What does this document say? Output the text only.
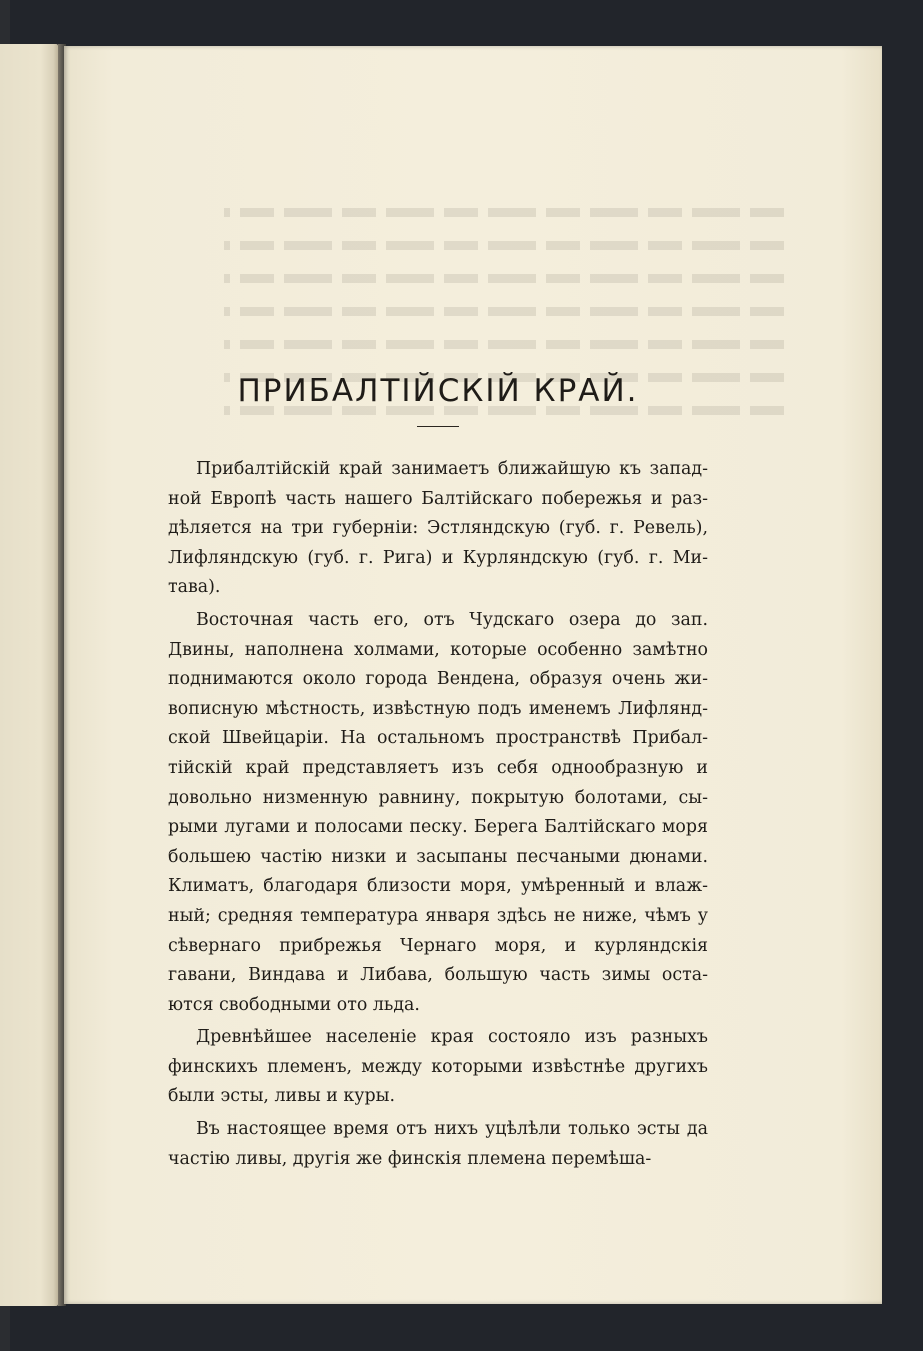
ПРИБАЛТІЙСКІЙ КРАЙ.

Прибалтійскій край занимаетъ ближайшую къ запад-ной Европѣ часть нашего Балтійскаго побережья и раз-дѣляется на три губерніи: Эстляндскую (губ. г. Ревель), Лифляндскую (губ. г. Рига) и Курляндскую (губ. г. Ми-тава).

Восточная часть его, отъ Чудскаго озера до зап. Двины, наполнена холмами, которые особенно замѣтно поднимаются около города Вендена, образуя очень жи-вописную мѣстность, извѣстную подъ именемъ Лифлянд-ской Швейцаріи. На остальномъ пространствѣ Прибал-тійскій край представляетъ изъ себя однообразную и довольно низменную равнину, покрытую болотами, сы-рыми лугами и полосами песку. Берега Балтійскаго моря большею частію низки и засыпаны песчаными дюнами. Климатъ, благодаря близости моря, умѣренный и влаж-ный; средняя температура января здѣсь не ниже, чѣмъ у сѣвернаго прибрежья Чернаго моря, и курляндскія гавани, Виндава и Либава, большую часть зимы оста-ются свободными ото льда.

Древнѣйшее населеніе края состояло изъ разныхъ финскихъ племенъ, между которыми извѣстнѣе другихъ были эсты, ливы и куры.

Въ настоящее время отъ нихъ уцѣлѣли только эсты да частію ливы, другія же финскія племена перемѣша-
